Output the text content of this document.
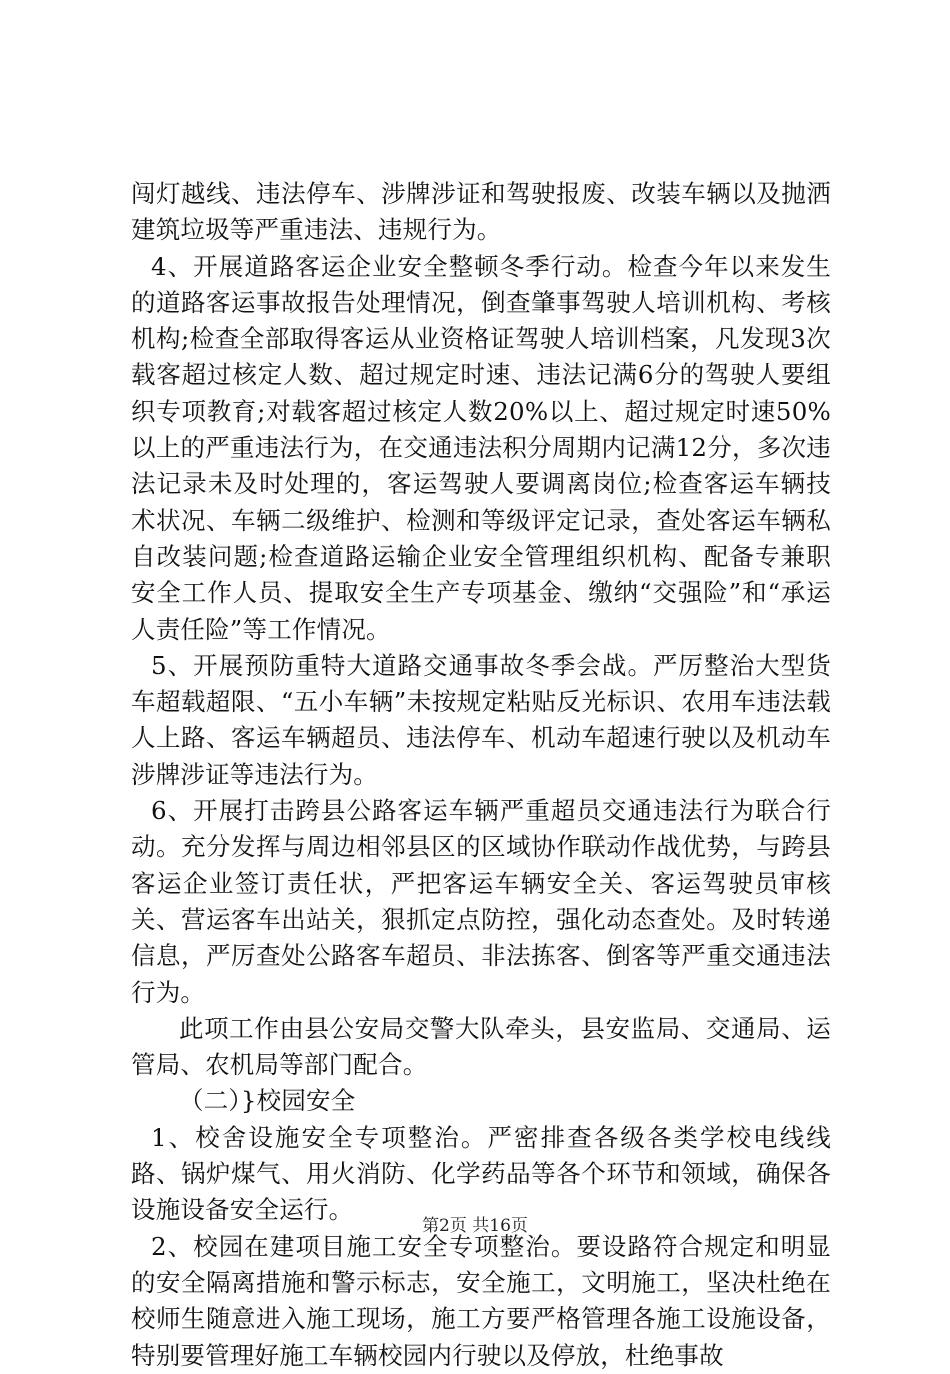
闯灯越线、违法停车、涉牌涉证和驾驶报废、改装车辆以及抛洒建筑垃圾等严重违法、违规行为。

4、开展道路客运企业安全整顿冬季行动。检查今年以来发生的道路客运事故报告处理情况，倒查肇事驾驶人培训机构、考核机构;检查全部取得客运从业资格证驾驶人培训档案，凡发现3次载客超过核定人数、超过规定时速、违法记满6分的驾驶人要组织专项教育;对载客超过核定人数20%以上、超过规定时速50%以上的严重违法行为，在交通违法积分周期内记满12分，多次违法记录未及时处理的，客运驾驶人要调离岗位;检查客运车辆技术状况、车辆二级维护、检测和等级评定记录，查处客运车辆私自改装问题;检查道路运输企业安全管理组织机构、配备专兼职安全工作人员、提取安全生产专项基金、缴纳“交强险”和“承运人责任险”等工作情况。

5、开展预防重特大道路交通事故冬季会战。严厉整治大型货车超载超限、“五小车辆”未按规定粘贴反光标识、农用车违法载人上路、客运车辆超员、违法停车、机动车超速行驶以及机动车涉牌涉证等违法行为。

6、开展打击跨县公路客运车辆严重超员交通违法行为联合行动。充分发挥与周边相邻县区的区域协作联动作战优势，与跨县客运企业签订责任状，严把客运车辆安全关、客运驾驶员审核关、营运客车出站关，狠抓定点防控，强化动态查处。及时转递信息，严厉查处公路客车超员、非法拣客、倒客等严重交通违法行为。

此项工作由县公安局交警大队牵头，县安监局、交通局、运管局、农机局等部门配合。

（二）}校园安全

1、校舍设施安全专项整治。严密排查各级各类学校电线线路、锅炉煤气、用火消防、化学药品等各个环节和领域，确保各设施设备安全运行。

2、校园在建项目施工安全专项整治。要设路符合规定和明显的安全隔离措施和警示标志，安全施工，文明施工，坚决杜绝在校师生随意进入施工现场，施工方要严格管理各施工设施设备，特别要管理好施工车辆校园内行驶以及停放，杜绝事故

第2页 共16页
